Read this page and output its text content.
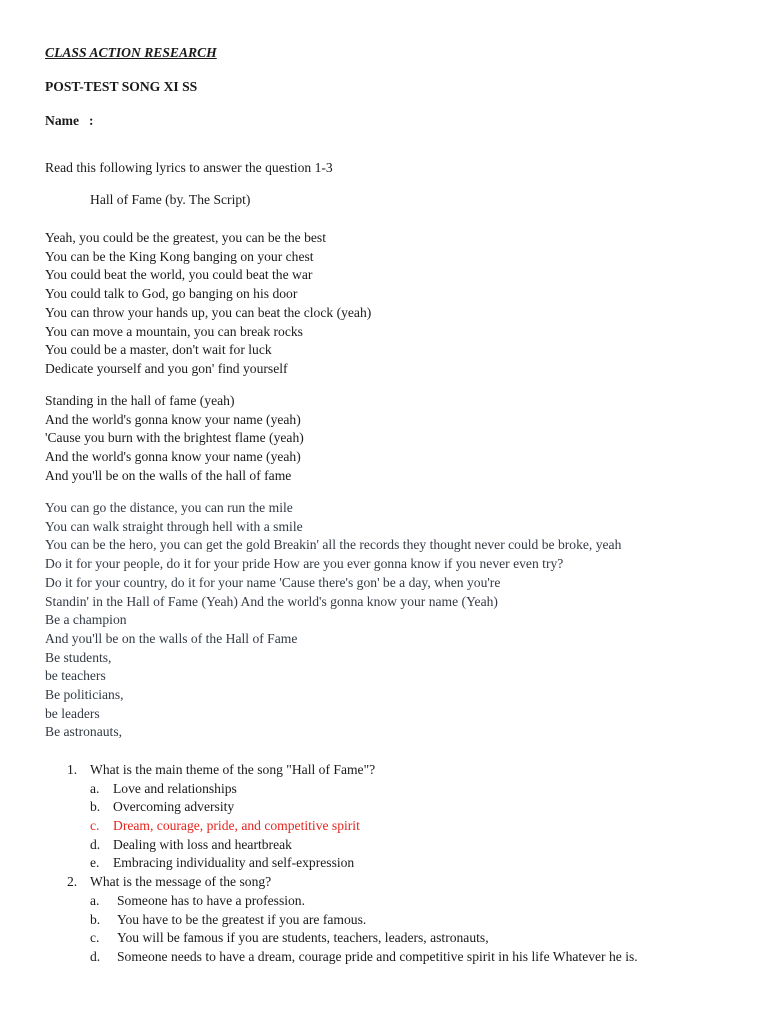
CLASS ACTION RESEARCH
POST-TEST SONG XI SS
Name :
Read this following lyrics to answer the question 1-3
Hall of Fame (by. The Script)
Yeah, you could be the greatest, you can be the best
You can be the King Kong banging on your chest
You could beat the world, you could beat the war
You could talk to God, go banging on his door
You can throw your hands up, you can beat the clock (yeah)
You can move a mountain, you can break rocks
You could be a master, don't wait for luck
Dedicate yourself and you gon' find yourself
Standing in the hall of fame (yeah)
And the world's gonna know your name (yeah)
'Cause you burn with the brightest flame (yeah)
And the world's gonna know your name (yeah)
And you'll be on the walls of the hall of fame
You can go the distance, you can run the mile
You can walk straight through hell with a smile
You can be the hero, you can get the gold Breakin' all the records they thought never could be broke, yeah
Do it for your people, do it for your pride How are you ever gonna know if you never even try?
Do it for your country, do it for your name 'Cause there's gon' be a day, when you're
Standin' in the Hall of Fame (Yeah) And the world's gonna know your name (Yeah)
Be a champion
And you'll be on the walls of the Hall of Fame
Be students,
be teachers
Be politicians,
be leaders
Be astronauts,
1. What is the main theme of the song "Hall of Fame"?
a. Love and relationships
b. Overcoming adversity
c. Dream, courage, pride, and competitive spirit
d. Dealing with loss and heartbreak
e. Embracing individuality and self-expression
2. What is the message of the song?
a. Someone has to have a profession.
b. You have to be the greatest if you are famous.
c. You will be famous if you are students, teachers, leaders, astronauts,
d. Someone needs to have a dream, courage pride and competitive spirit in his life Whatever he is.
